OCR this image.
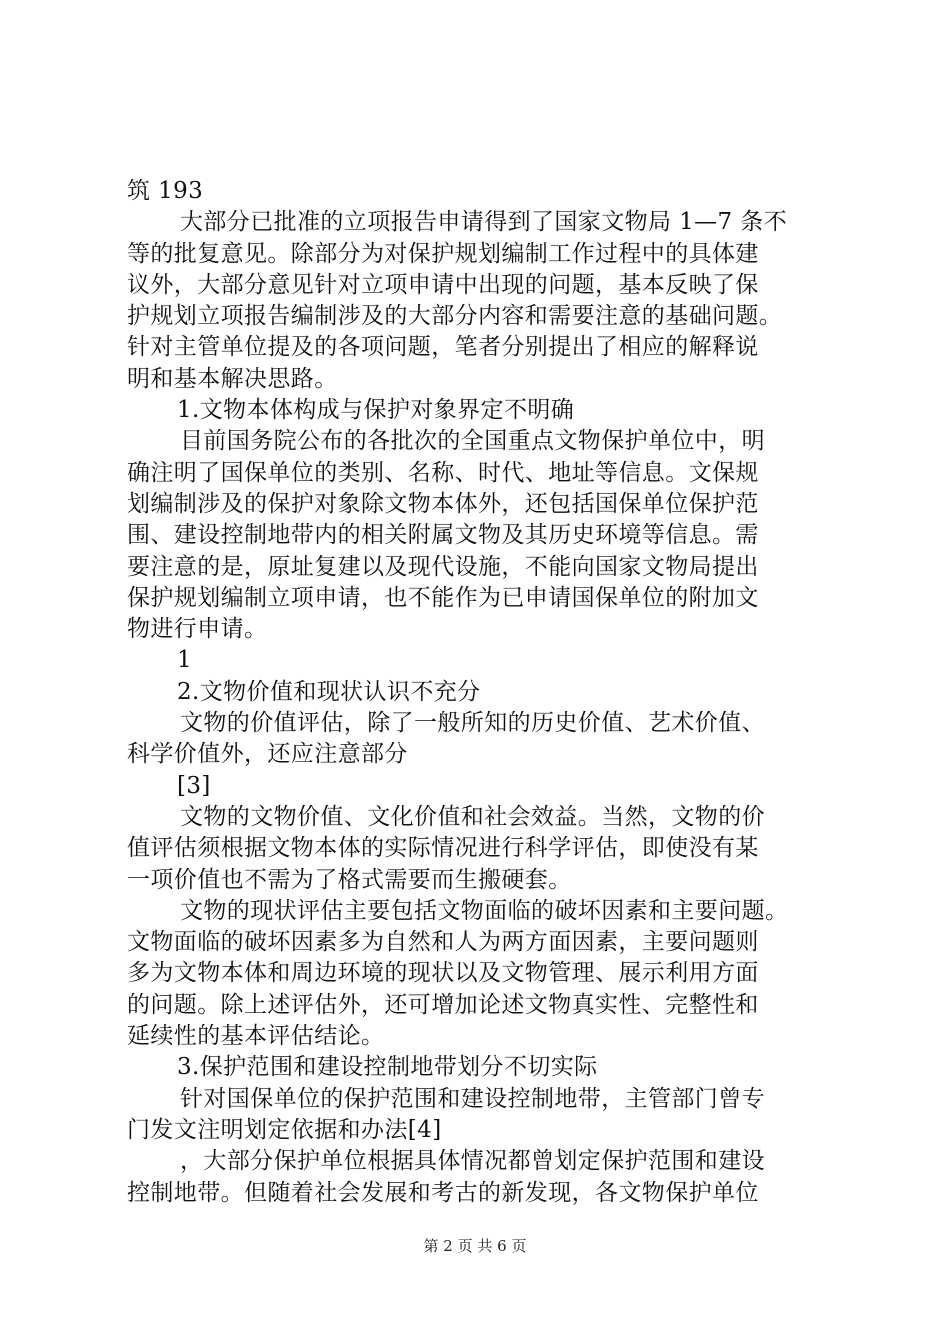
筑 193
大部分已批准的立项报告申请得到了国家文物局 1—7 条不
等的批复意见。除部分为对保护规划编制工作过程中的具体建
议外，大部分意见针对立项申请中出现的问题，基本反映了保
护规划立项报告编制涉及的大部分内容和需要注意的基础问题。
针对主管单位提及的各项问题，笔者分别提出了相应的解释说
明和基本解决思路。
1.文物本体构成与保护对象界定不明确
目前国务院公布的各批次的全国重点文物保护单位中，明
确注明了国保单位的类别、名称、时代、地址等信息。文保规
划编制涉及的保护对象除文物本体外，还包括国保单位保护范
围、建设控制地带内的相关附属文物及其历史环境等信息。需
要注意的是，原址复建以及现代设施，不能向国家文物局提出
保护规划编制立项申请，也不能作为已申请国保单位的附加文
物进行申请。
1
2.文物价值和现状认识不充分
文物的价值评估，除了一般所知的历史价值、艺术价值、
科学价值外，还应注意部分
[3]
文物的文物价值、文化价值和社会效益。当然，文物的价
值评估须根据文物本体的实际情况进行科学评估，即使没有某
一项价值也不需为了格式需要而生搬硬套。
文物的现状评估主要包括文物面临的破坏因素和主要问题。
文物面临的破坏因素多为自然和人为两方面因素，主要问题则
多为文物本体和周边环境的现状以及文物管理、展示利用方面
的问题。除上述评估外，还可增加论述文物真实性、完整性和
延续性的基本评估结论。
3.保护范围和建设控制地带划分不切实际
针对国保单位的保护范围和建设控制地带，主管部门曾专
门发文注明划定依据和办法[4]
，大部分保护单位根据具体情况都曾划定保护范围和建设
控制地带。但随着社会发展和考古的新发现，各文物保护单位
第 2 页 共 6 页
